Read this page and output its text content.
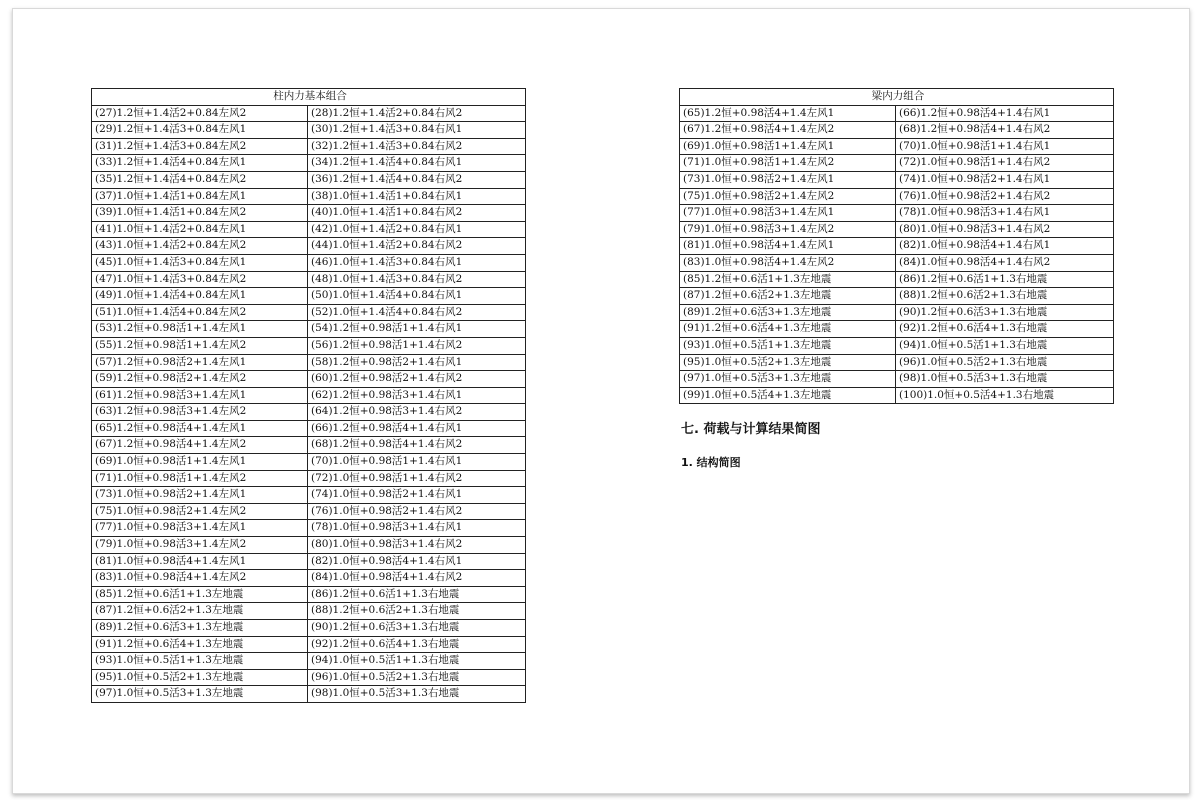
柱内力基本组合	
(27)1.2恒+1.4活2+0.84左风2	(28)1.2恒+1.4活2+0.84右风2
(29)1.2恒+1.4活3+0.84左风1	(30)1.2恒+1.4活3+0.84右风1
(31)1.2恒+1.4活3+0.84左风2	(32)1.2恒+1.4活3+0.84右风2
(33)1.2恒+1.4活4+0.84左风1	(34)1.2恒+1.4活4+0.84右风1
(35)1.2恒+1.4活4+0.84左风2	(36)1.2恒+1.4活4+0.84右风2
(37)1.0恒+1.4活1+0.84左风1	(38)1.0恒+1.4活1+0.84右风1
(39)1.0恒+1.4活1+0.84左风2	(40)1.0恒+1.4活1+0.84右风2
(41)1.0恒+1.4活2+0.84左风1	(42)1.0恒+1.4活2+0.84右风1
(43)1.0恒+1.4活2+0.84左风2	(44)1.0恒+1.4活2+0.84右风2
(45)1.0恒+1.4活3+0.84左风1	(46)1.0恒+1.4活3+0.84右风1
(47)1.0恒+1.4活3+0.84左风2	(48)1.0恒+1.4活3+0.84右风2
(49)1.0恒+1.4活4+0.84左风1	(50)1.0恒+1.4活4+0.84右风1
(51)1.0恒+1.4活4+0.84左风2	(52)1.0恒+1.4活4+0.84右风2
(53)1.2恒+0.98活1+1.4左风1	(54)1.2恒+0.98活1+1.4右风1
(55)1.2恒+0.98活1+1.4左风2	(56)1.2恒+0.98活1+1.4右风2
(57)1.2恒+0.98活2+1.4左风1	(58)1.2恒+0.98活2+1.4右风1
(59)1.2恒+0.98活2+1.4左风2	(60)1.2恒+0.98活2+1.4右风2
(61)1.2恒+0.98活3+1.4左风1	(62)1.2恒+0.98活3+1.4右风1
(63)1.2恒+0.98活3+1.4左风2	(64)1.2恒+0.98活3+1.4右风2
(65)1.2恒+0.98活4+1.4左风1	(66)1.2恒+0.98活4+1.4右风1
(67)1.2恒+0.98活4+1.4左风2	(68)1.2恒+0.98活4+1.4右风2
(69)1.0恒+0.98活1+1.4左风1	(70)1.0恒+0.98活1+1.4右风1
(71)1.0恒+0.98活1+1.4左风2	(72)1.0恒+0.98活1+1.4右风2
(73)1.0恒+0.98活2+1.4左风1	(74)1.0恒+0.98活2+1.4右风1
(75)1.0恒+0.98活2+1.4左风2	(76)1.0恒+0.98活2+1.4右风2
(77)1.0恒+0.98活3+1.4左风1	(78)1.0恒+0.98活3+1.4右风1
(79)1.0恒+0.98活3+1.4左风2	(80)1.0恒+0.98活3+1.4右风2
(81)1.0恒+0.98活4+1.4左风1	(82)1.0恒+0.98活4+1.4右风1
(83)1.0恒+0.98活4+1.4左风2	(84)1.0恒+0.98活4+1.4右风2
(85)1.2恒+0.6活1+1.3左地震	(86)1.2恒+0.6活1+1.3右地震
(87)1.2恒+0.6活2+1.3左地震	(88)1.2恒+0.6活2+1.3右地震
(89)1.2恒+0.6活3+1.3左地震	(90)1.2恒+0.6活3+1.3右地震
(91)1.2恒+0.6活4+1.3左地震	(92)1.2恒+0.6活4+1.3右地震
(93)1.0恒+0.5活1+1.3左地震	(94)1.0恒+0.5活1+1.3右地震
(95)1.0恒+0.5活2+1.3左地震	(96)1.0恒+0.5活2+1.3右地震
(97)1.0恒+0.5活3+1.3左地震	(98)1.0恒+0.5活3+1.3右地震
梁内力组合	
(65)1.2恒+0.98活4+1.4左风1	(66)1.2恒+0.98活4+1.4右风1
(67)1.2恒+0.98活4+1.4左风2	(68)1.2恒+0.98活4+1.4右风2
(69)1.0恒+0.98活1+1.4左风1	(70)1.0恒+0.98活1+1.4右风1
(71)1.0恒+0.98活1+1.4左风2	(72)1.0恒+0.98活1+1.4右风2
(73)1.0恒+0.98活2+1.4左风1	(74)1.0恒+0.98活2+1.4右风1
(75)1.0恒+0.98活2+1.4左风2	(76)1.0恒+0.98活2+1.4右风2
(77)1.0恒+0.98活3+1.4左风1	(78)1.0恒+0.98活3+1.4右风1
(79)1.0恒+0.98活3+1.4左风2	(80)1.0恒+0.98活3+1.4右风2
(81)1.0恒+0.98活4+1.4左风1	(82)1.0恒+0.98活4+1.4右风1
(83)1.0恒+0.98活4+1.4左风2	(84)1.0恒+0.98活4+1.4右风2
(85)1.2恒+0.6活1+1.3左地震	(86)1.2恒+0.6活1+1.3右地震
(87)1.2恒+0.6活2+1.3左地震	(88)1.2恒+0.6活2+1.3右地震
(89)1.2恒+0.6活3+1.3左地震	(90)1.2恒+0.6活3+1.3右地震
(91)1.2恒+0.6活4+1.3左地震	(92)1.2恒+0.6活4+1.3右地震
(93)1.0恒+0.5活1+1.3左地震	(94)1.0恒+0.5活1+1.3右地震
(95)1.0恒+0.5活2+1.3左地震	(96)1.0恒+0.5活2+1.3右地震
(97)1.0恒+0.5活3+1.3左地震	(98)1.0恒+0.5活3+1.3右地震
(99)1.0恒+0.5活4+1.3左地震	(100)1.0恒+0.5活4+1.3右地震
七. 荷载与计算结果简图
1. 结构简图
